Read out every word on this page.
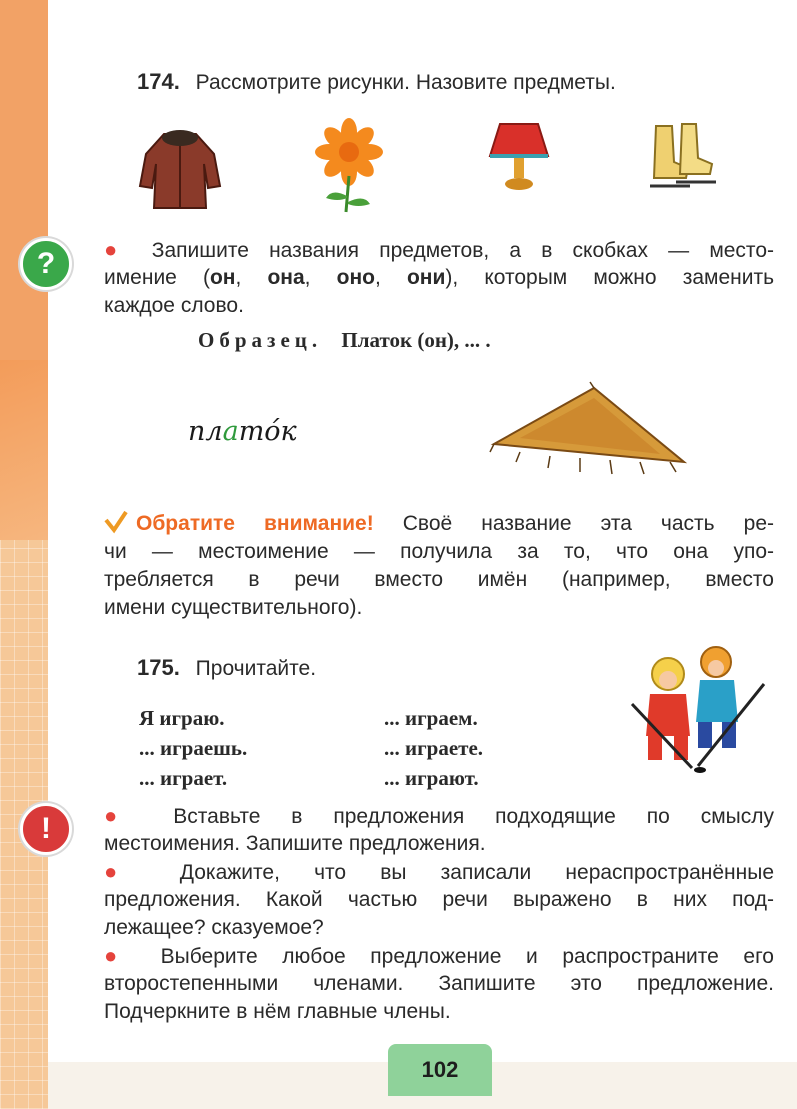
174. Рассмотрите рисунки. Назовите предметы.
?	● Запишите названия предметов, а в скобках — место-
имение (он, она, оно, они), которым можно заменить
каждое слово.
Образец. Платок (он), ... .
плато́к
Обратите внимание! Своё название эта часть ре-
чи — местоимение — получила за то, что она упо-
требляется в речи вместо имён (например, вместо
имени существительного).
175. Прочитайте.
Я играю.	... играем.
... играешь.	... играете.
... играет.	... играют.
!	● Вставьте в предложения подходящие по смыслу
местоимения. Запишите предложения.
● Докажите, что вы записали нераспространённые
предложения. Какой частью речи выражено в них под-
лежащее? сказуемое?
● Выберите любое предложение и распространите его
второстепенными членами. Запишите это предложение.
Подчеркните в нём главные члены.
102
